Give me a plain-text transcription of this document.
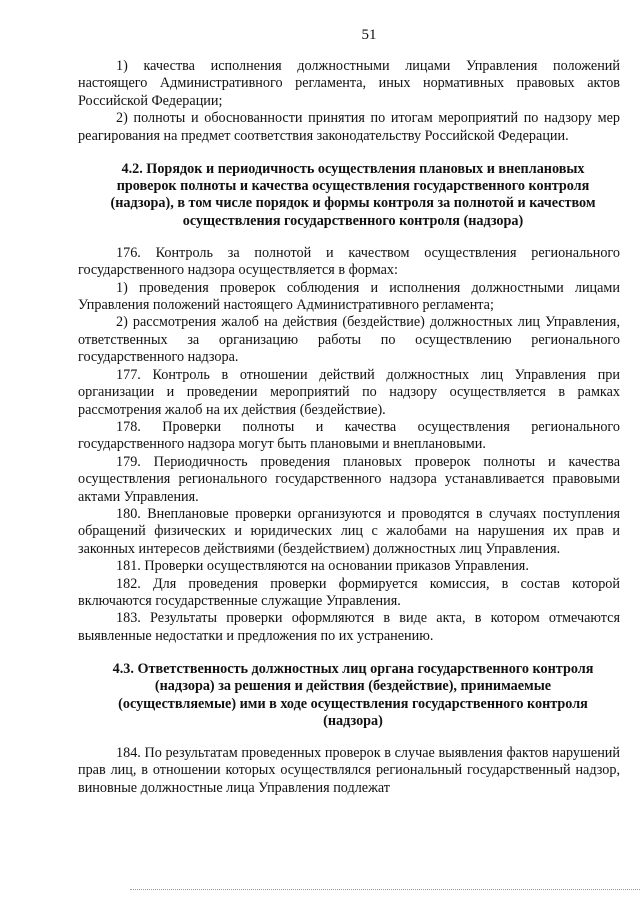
51

1) качества исполнения должностными лицами Управления положений настоящего Административного регламента, иных нормативных правовых актов Российской Федерации;

2) полноты и обоснованности принятия по итогам мероприятий по надзору мер реагирования на предмет соответствия законодательству Российской Федерации.

4.2. Порядок и периодичность осуществления плановых и внеплановых проверок полноты и качества осуществления государственного контроля (надзора), в том числе порядок и формы контроля за полнотой и качеством осуществления государственного контроля (надзора)

176. Контроль за полнотой и качеством осуществления регионального государственного надзора осуществляется в формах:

1) проведения проверок соблюдения и исполнения должностными лицами Управления положений настоящего Административного регламента;

2) рассмотрения жалоб на действия (бездействие) должностных лиц Управления, ответственных за организацию работы по осуществлению регионального государственного надзора.

177. Контроль в отношении действий должностных лиц Управления при организации и проведении мероприятий по надзору осуществляется в рамках рассмотрения жалоб на их действия (бездействие).

178. Проверки полноты и качества осуществления регионального государственного надзора могут быть плановыми и внеплановыми.

179. Периодичность проведения плановых проверок полноты и качества осуществления регионального государственного надзора устанавливается правовыми актами Управления.

180. Внеплановые проверки организуются и проводятся в случаях поступления обращений физических и юридических лиц с жалобами на нарушения их прав и законных интересов действиями (бездействием) должностных лиц Управления.

181. Проверки осуществляются на основании приказов Управления.

182. Для проведения проверки формируется комиссия, в состав которой включаются государственные служащие Управления.

183. Результаты проверки оформляются в виде акта, в котором отмечаются выявленные недостатки и предложения по их устранению.

4.3. Ответственность должностных лиц органа государственного контроля (надзора) за решения и действия (бездействие), принимаемые (осуществляемые) ими в ходе осуществления государственного контроля (надзора)

184. По результатам проведенных проверок в случае выявления фактов нарушений прав лиц, в отношении которых осуществлялся региональный государственный надзор, виновные должностные лица Управления подлежат
